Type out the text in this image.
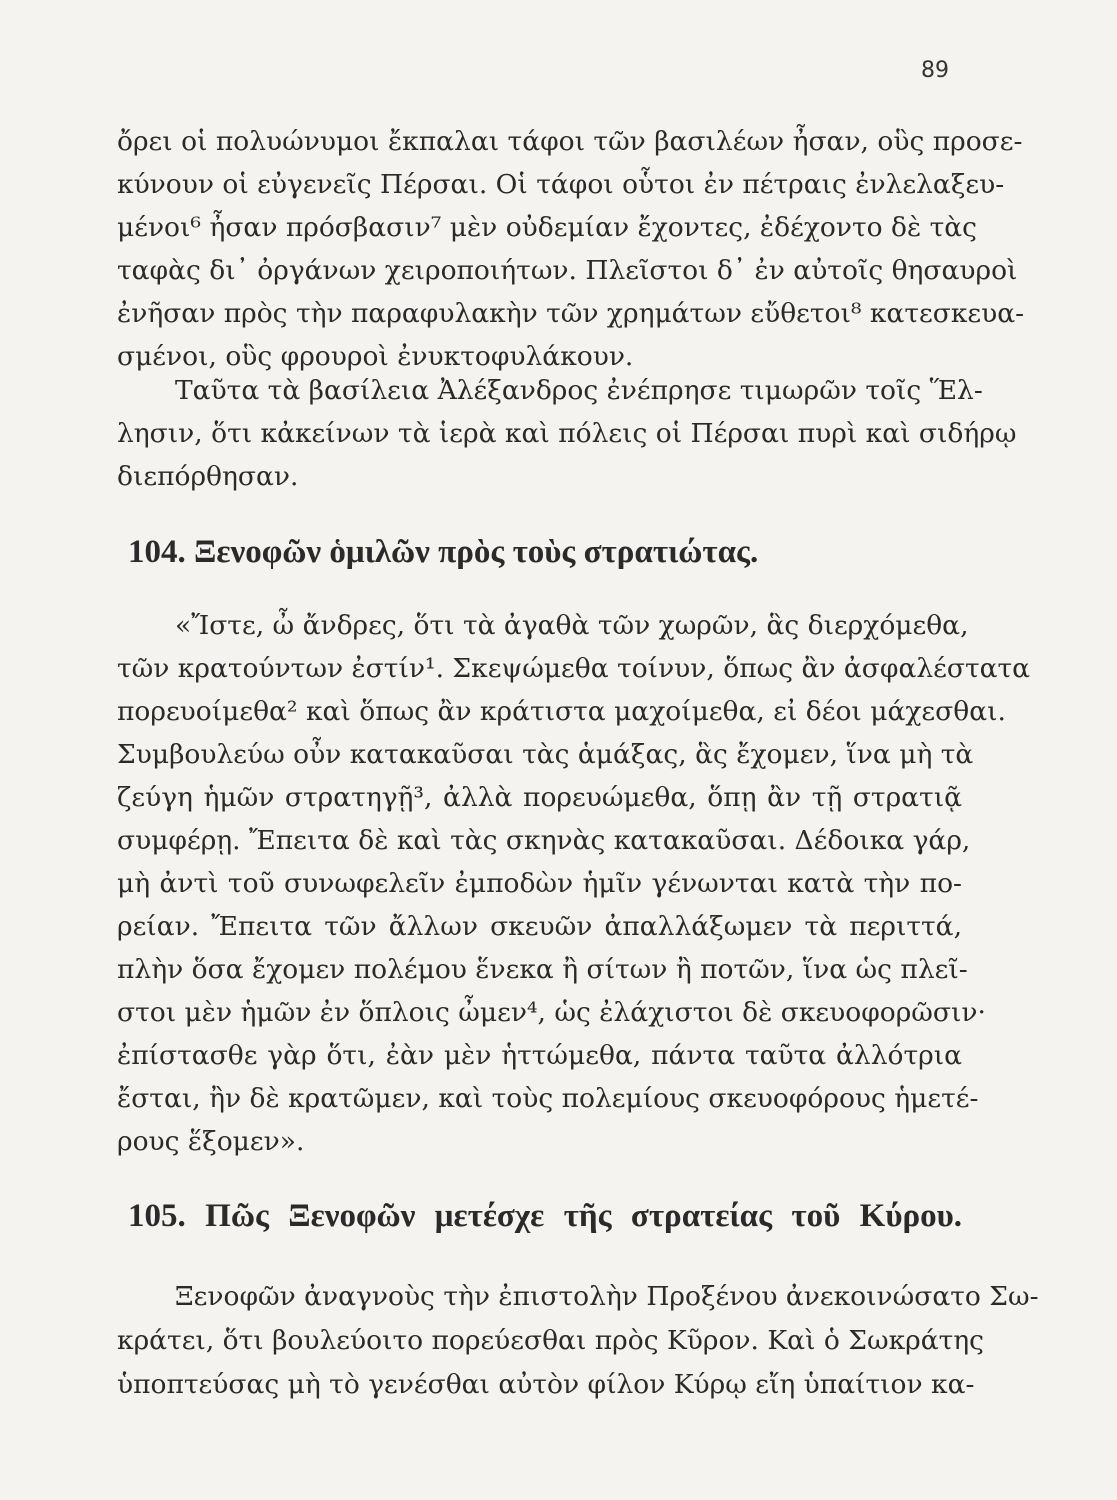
89
ὄρει οἱ πολυώνυμοι ἔκπαλαι τάφοι τῶν βασιλέων ἦσαν, οὓς προσε-
κύνουν οἱ εὐγενεῖς Πέρσαι. Οἱ τάφοι οὗτοι ἐν πέτραις ἐνλελαξευ-
μένοι⁶ ἦσαν πρόσβασιν⁷ μὲν οὐδεμίαν ἔχοντες, ἐδέχοντο δὲ τὰς
ταφὰς δι᾽ ὀργάνων χειροποιήτων. Πλεῖστοι δ᾽ ἐν αὐτοῖς θησαυροὶ
ἐνῆσαν πρὸς τὴν παραφυλακὴν τῶν χρημάτων εὔθετοι⁸ κατεσκευα-
σμένοι, οὓς φρουροὶ ἐνυκτοφυλάκουν.
Ταῦτα τὰ βασίλεια Ἀλέξανδρος ἐνέπρησε τιμωρῶν τοῖς Ἕλ-
λησιν, ὅτι κἀκείνων τὰ ἱερὰ καὶ πόλεις οἱ Πέρσαι πυρὶ καὶ σιδήρῳ
διεπόρθησαν.
104. Ξενοφῶν ὁμιλῶν πρὸς τοὺς στρατιώτας.
«Ἴστε, ὦ ἄνδρες, ὅτι τὰ ἀγαθὰ τῶν χωρῶν, ἃς διερχόμεθα,
τῶν κρατούντων ἐστίν¹. Σκεψώμεθα τοίνυν, ὅπως ἂν ἀσφαλέστατα
πορευοίμεθα² καὶ ὅπως ἂν κράτιστα μαχοίμεθα, εἰ δέοι μάχεσθαι.
Συμβουλεύω οὖν κατακαῦσαι τὰς ἁμάξας, ἃς ἔχομεν, ἵνα μὴ τὰ
ζεύγη ἡμῶν στρατηγῇ³, ἀλλὰ πορευώμεθα, ὅπῃ ἂν τῇ στρατιᾷ
συμφέρῃ. Ἔπειτα δὲ καὶ τὰς σκηνὰς κατακαῦσαι. Δέδοικα γάρ,
μὴ ἀντὶ τοῦ συνωφελεῖν ἐμποδὼν ἡμῖν γένωνται κατὰ τὴν πο-
ρείαν. Ἔπειτα τῶν ἄλλων σκευῶν ἀπαλλάξωμεν τὰ περιττά,
πλὴν ὅσα ἔχομεν πολέμου ἕνεκα ἢ σίτων ἢ ποτῶν, ἵνα ὡς πλεῖ-
στοι μὲν ἡμῶν ἐν ὅπλοις ὦμεν⁴, ὡς ἐλάχιστοι δὲ σκευοφορῶσιν·
ἐπίστασθε γὰρ ὅτι, ἐὰν μὲν ἡττώμεθα, πάντα ταῦτα ἀλλότρια
ἔσται, ἢν δὲ κρατῶμεν, καὶ τοὺς πολεμίους σκευοφόρους ἡμετέ-
ρους ἕξομεν».
105. Πῶς Ξενοφῶν μετέσχε τῆς στρατείας τοῦ Κύρου.
Ξενοφῶν ἀναγνοὺς τὴν ἐπιστολὴν Προξένου ἀνεκοινώσατο Σω-
κράτει, ὅτι βουλεύοιτο πορεύεσθαι πρὸς Κῦρον. Καὶ ὁ Σωκράτης
ὑποπτεύσας μὴ τὸ γενέσθαι αὐτὸν φίλον Κύρῳ εἴη ὑπαίτιον κα-
